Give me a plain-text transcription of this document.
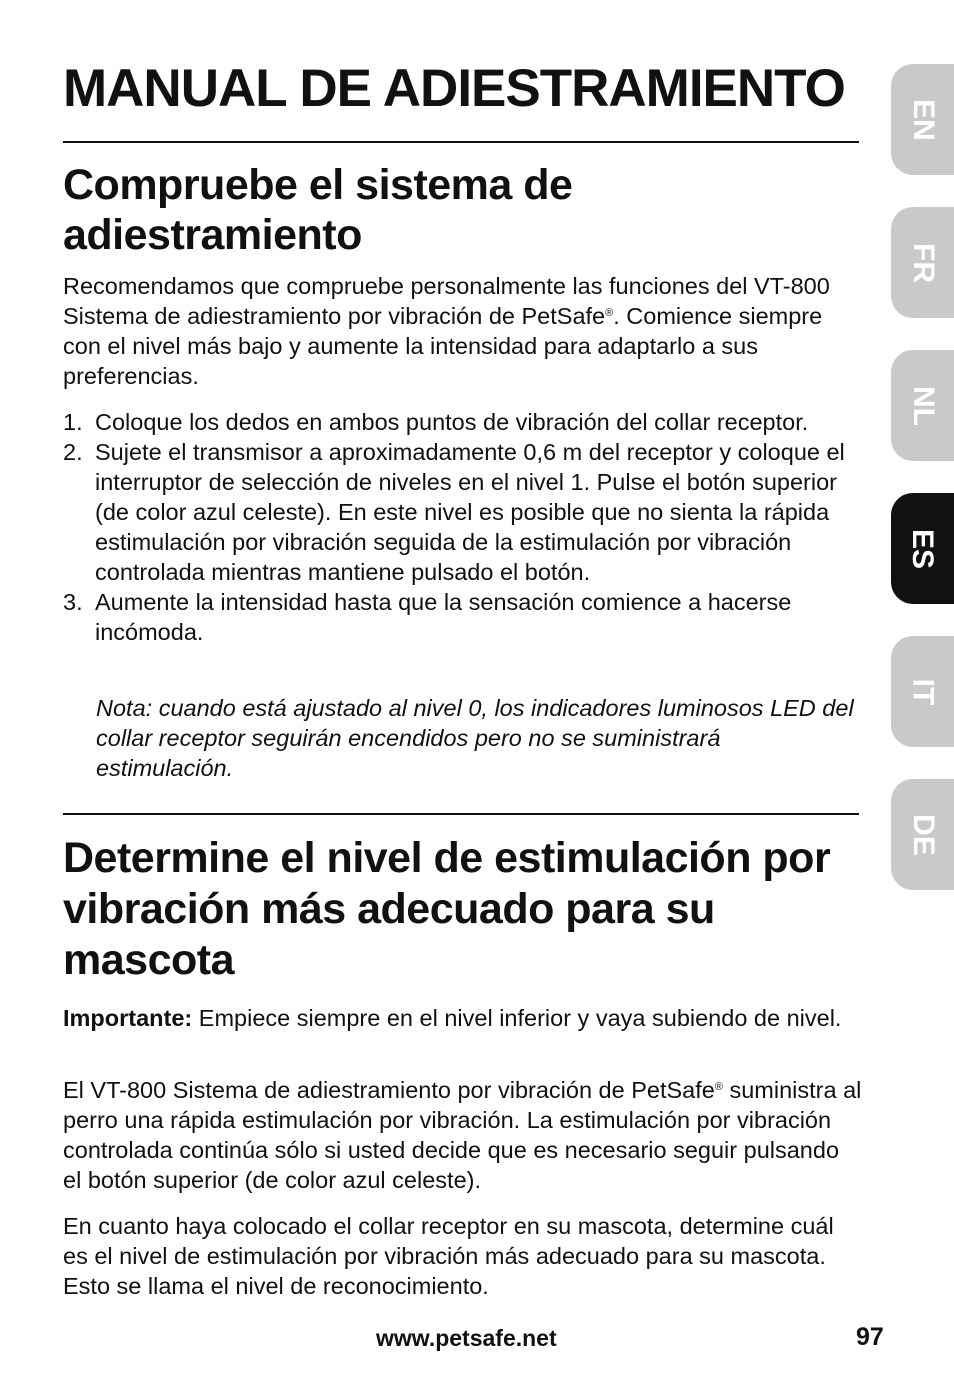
MANUAL DE ADIESTRAMIENTO
Compruebe el sistema de adiestramiento

Recomendamos que compruebe personalmente las funciones del VT-800 Sistema de adiestramiento por vibración de PetSafe®. Comience siempre con el nivel más bajo y aumente la intensidad para adaptarlo a sus preferencias.

1. Coloque los dedos en ambos puntos de vibración del collar receptor.
2. Sujete el transmisor a aproximadamente 0,6 m del receptor y coloque el interruptor de selección de niveles en el nivel 1. Pulse el botón superior (de color azul celeste). En este nivel es posible que no sienta la rápida estimulación por vibración seguida de la estimulación por vibración controlada mientras mantiene pulsado el botón.
3. Aumente la intensidad hasta que la sensación comience a hacerse incómoda.

Nota: cuando está ajustado al nivel 0, los indicadores luminosos LED del collar receptor seguirán encendidos pero no se suministrará estimulación.

Determine el nivel de estimulación por vibración más adecuado para su mascota

Importante: Empiece siempre en el nivel inferior y vaya subiendo de nivel.

El VT-800 Sistema de adiestramiento por vibración de PetSafe® suministra al perro una rápida estimulación por vibración. La estimulación por vibración controlada continúa sólo si usted decide que es necesario seguir pulsando el botón superior (de color azul celeste).

En cuanto haya colocado el collar receptor en su mascota, determine cuál es el nivel de estimulación por vibración más adecuado para su mascota. Esto se llama el nivel de reconocimiento.

EN
FR
NL
ES
IT
DE

www.petsafe.net	97
